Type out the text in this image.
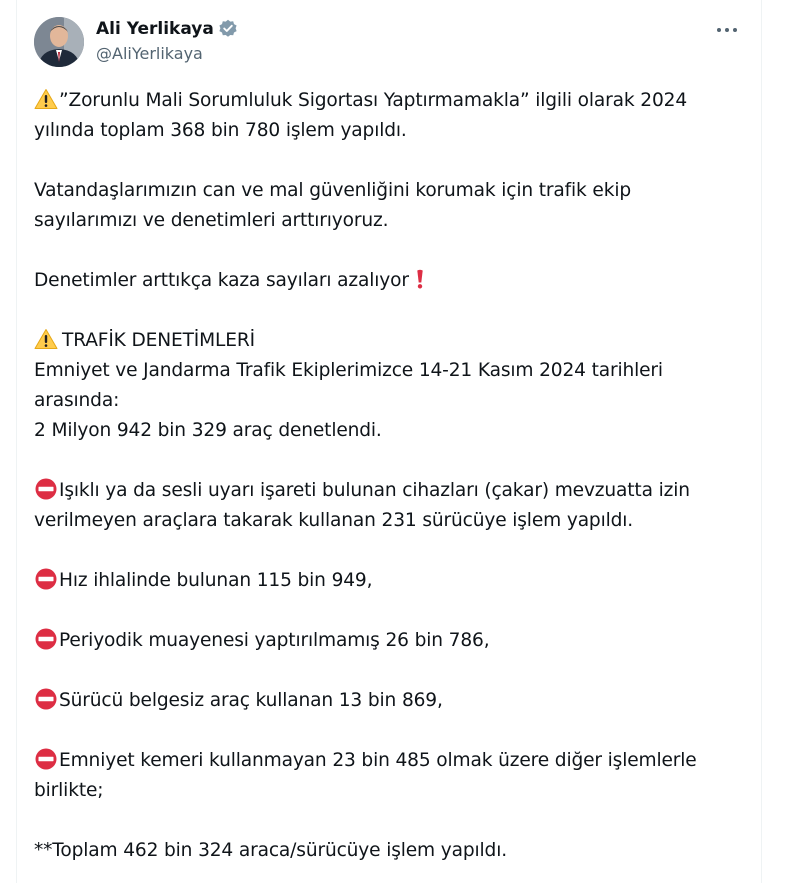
Ali Yerlikaya
@AliYerlikaya
”Zorunlu Mali Sorumluluk Sigortası Yaptırmamakla” ilgili olarak 2024
yılında toplam 368 bin 780 işlem yapıldı.
Vatandaşlarımızın can ve mal güvenliğini korumak için trafik ekip
sayılarımızı ve denetimleri arttırıyoruz.
Denetimler arttıkça kaza sayıları azalıyor
TRAFİK DENETİMLERİ
Emniyet ve Jandarma Trafik Ekiplerimizce 14-21 Kasım 2024 tarihleri
arasında:
2 Milyon 942 bin 329 araç denetlendi.
Işıklı ya da sesli uyarı işareti bulunan cihazları (çakar) mevzuatta izin
verilmeyen araçlara takarak kullanan 231 sürücüye işlem yapıldı.
Hız ihlalinde bulunan 115 bin 949,
Periyodik muayenesi yaptırılmamış 26 bin 786,
Sürücü belgesiz araç kullanan 13 bin 869,
Emniyet kemeri kullanmayan 23 bin 485 olmak üzere diğer işlemlerle
birlikte;
**Toplam 462 bin 324 araca/sürücüye işlem yapıldı.
